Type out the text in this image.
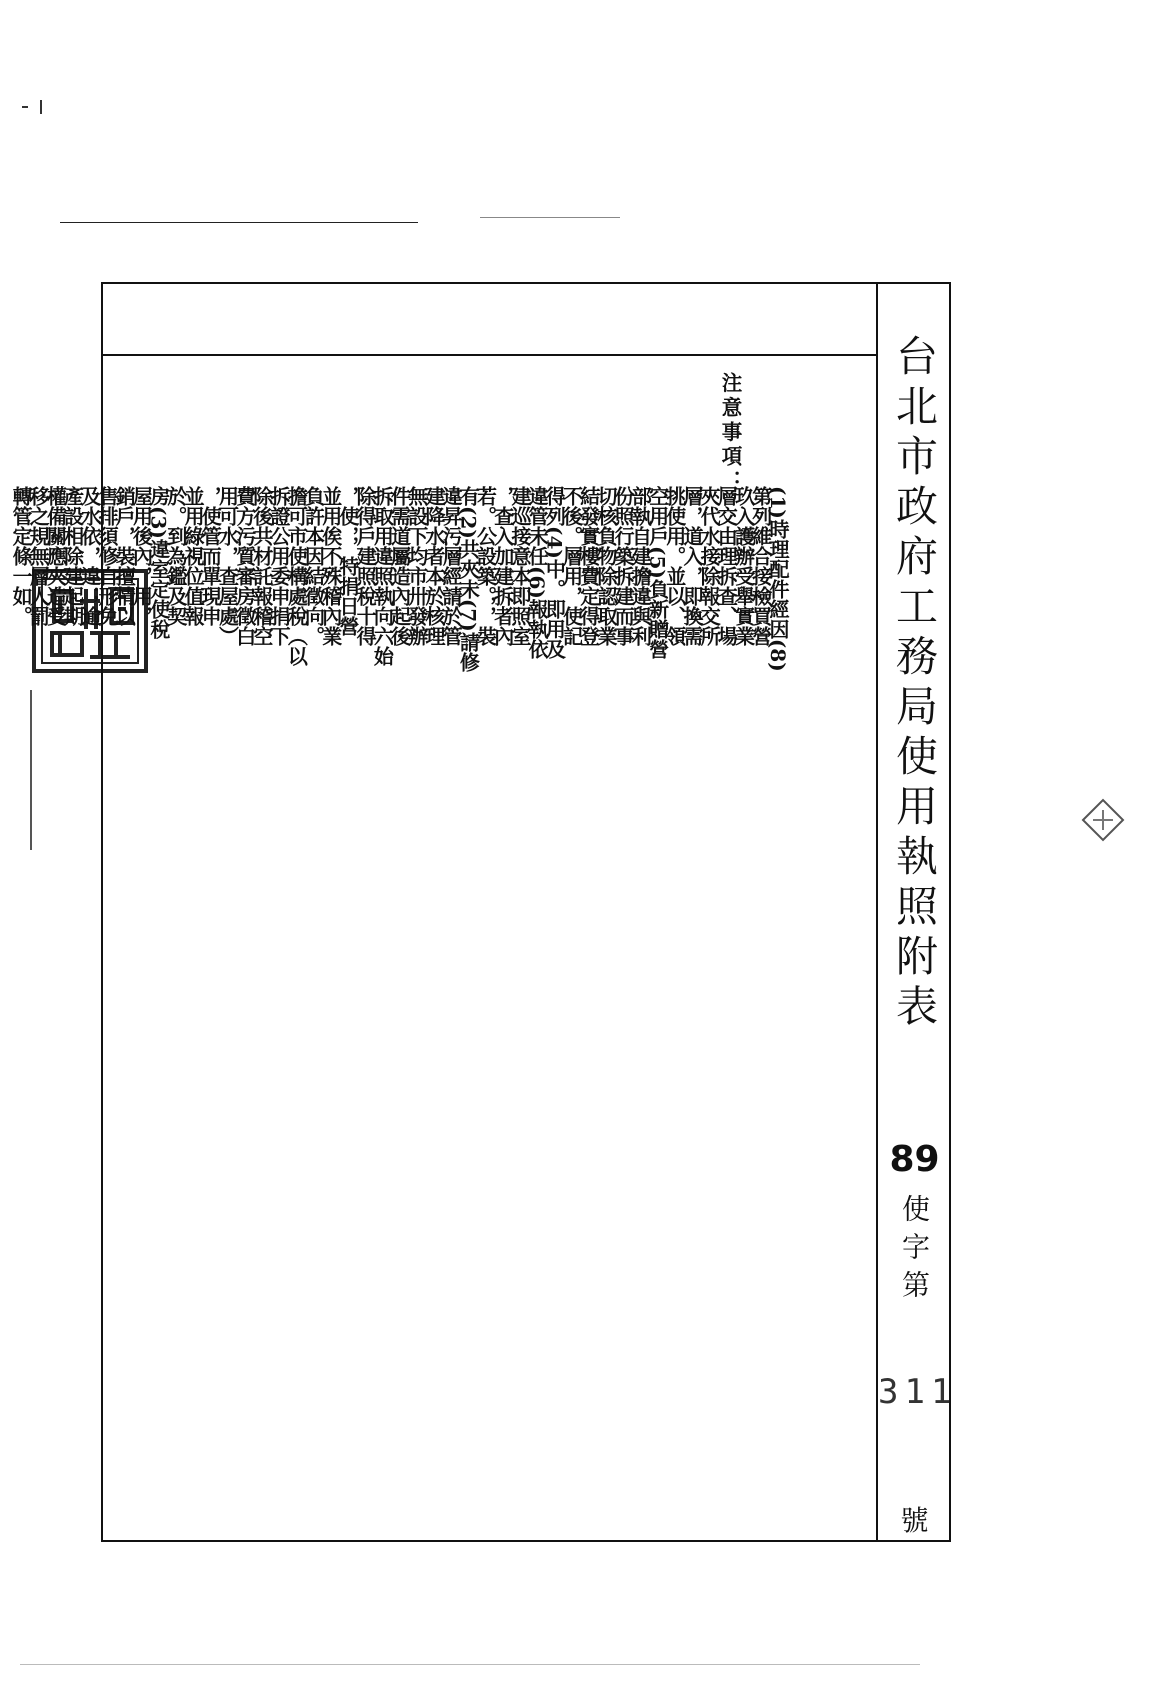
台北市政府工務局使用執照附表
89
使字第
311
號
注意事項：
(1)時理配件經因(8)
第列維合接檢買營
玖入護辦受舉實業
層交由理拆查、場
夾代水接除報交所
層，道入，即換需
挑使用。並以、領
空用戶(5)負新贈營
部執自建擔違與利
份照行築拆建而事
切核負物除認取業
結發實樓費定得登
不後。層用，使記
得列(4)中。即用及
違管未任(6)報執依
建巡接意本即照室
，查入加建拆者內
若。公設築。，，裝
有(2)共夾未(7)請修
違昇污層經請於管
建降水者本於核理
無設下均市卅發辦
件需道屬造內起後
拆取用違照執向六始
除得戶建照稅十得
，使，，特捐日營
並用俟不殊稽內業
負許本因結徵向。
擔可市使構處稅（以
拆證公用委申捐下
除後共材託報稽空
費方污質審房徵白
用可水，查屋處）
，使管而單現申
並用綠視位值報
於。到為鑑及契
房(3)違室定使稅
屋用後內，用，
銷戶，裝擅情以
售排須修自形免
及水依，違；逾
產設相除建起期
權備關應夾造受
移之規無層人罰
轉管定條一如。
